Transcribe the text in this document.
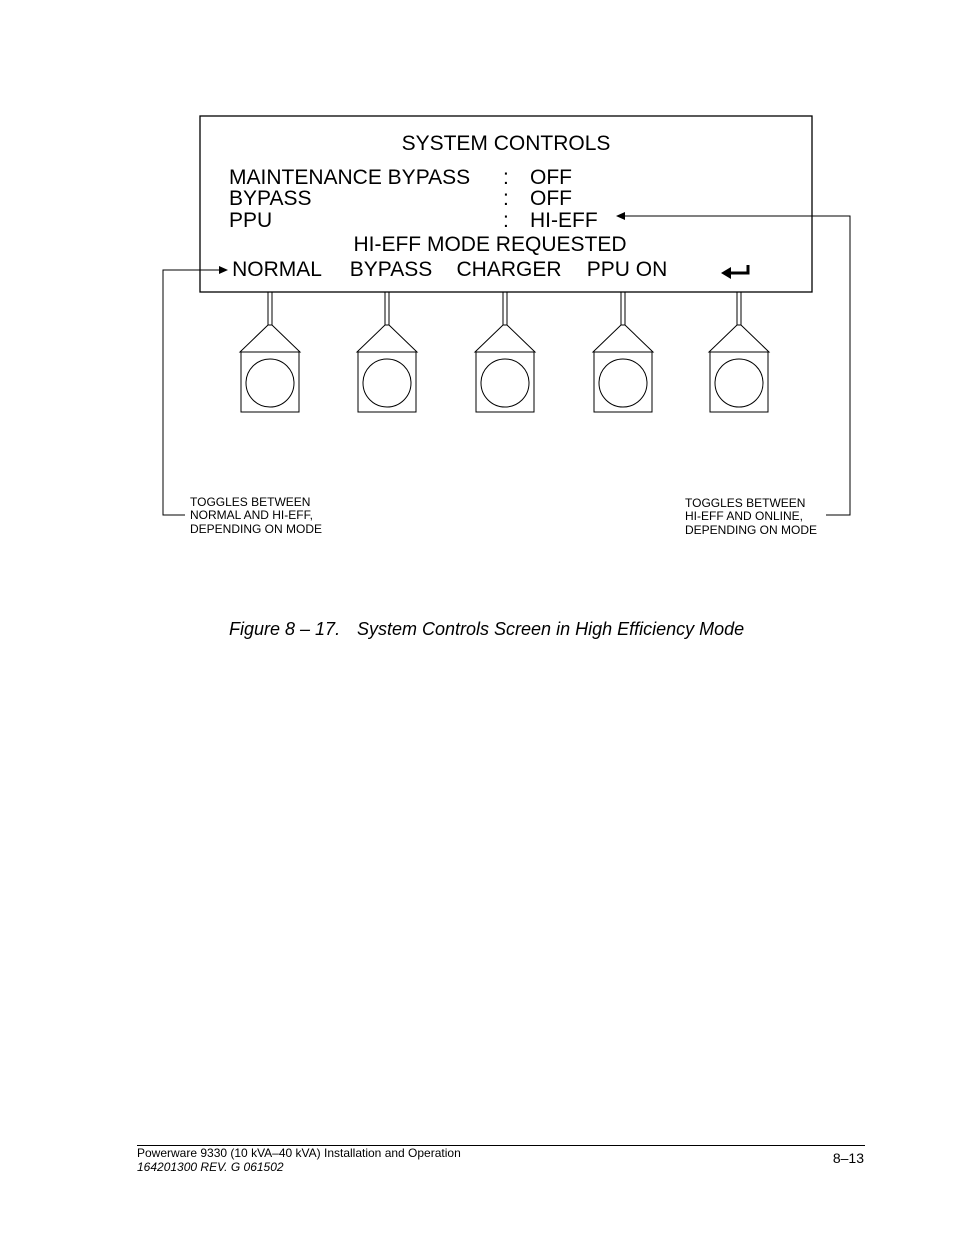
SYSTEM CONTROLS
MAINTENANCE BYPASS : OFF
BYPASS	: OFF
PPU	: HI-EFF
HI-EFF MODE REQUESTED
NORMAL BYPASS CHARGER PPU ON
TOGGLES BETWEEN
NORMAL AND HI-EFF,
DEPENDING ON MODE
TOGGLES BETWEEN
HI-EFF AND ONLINE,
DEPENDING ON MODE
Figure 8 – 17. System Controls Screen in High Efficiency Mode
Powerware 9330 (10 kVA–40 kVA) Installation and Operation
164201300 REV. G 061502
8–13
